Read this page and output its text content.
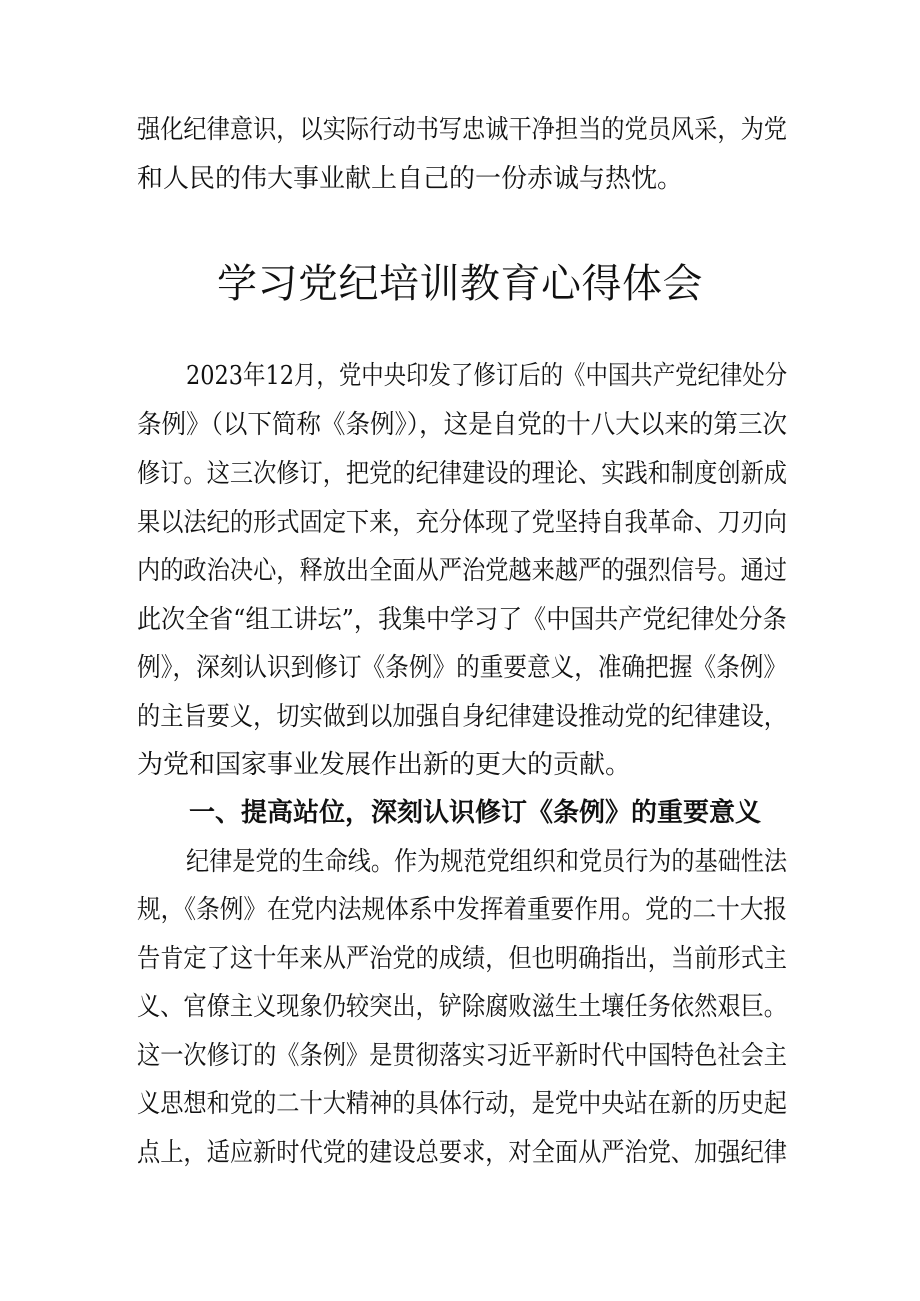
强化纪律意识，以实际行动书写忠诚干净担当的党员风采，为党
和人民的伟大事业献上自己的一份赤诚与热忱。
学习党纪培训教育心得体会
2023年12月，党中央印发了修订后的《中国共产党纪律处分
条例》（以下简称《条例》），这是自党的十八大以来的第三次
修订。这三次修订，把党的纪律建设的理论、实践和制度创新成
果以法纪的形式固定下来，充分体现了党坚持自我革命、刀刃向
内的政治决心，释放出全面从严治党越来越严的强烈信号。通过
此次全省“组工讲坛”，我集中学习了《中国共产党纪律处分条
例》，深刻认识到修订《条例》的重要意义，准确把握《条例》
的主旨要义，切实做到以加强自身纪律建设推动党的纪律建设，
为党和国家事业发展作出新的更大的贡献。
一、提高站位，深刻认识修订《条例》的重要意义
纪律是党的生命线。作为规范党组织和党员行为的基础性法
规，《条例》在党内法规体系中发挥着重要作用。党的二十大报
告肯定了这十年来从严治党的成绩，但也明确指出，当前形式主
义、官僚主义现象仍较突出，铲除腐败滋生土壤任务依然艰巨。
这一次修订的《条例》是贯彻落实习近平新时代中国特色社会主
义思想和党的二十大精神的具体行动，是党中央站在新的历史起
点上，适应新时代党的建设总要求，对全面从严治党、加强纪律
